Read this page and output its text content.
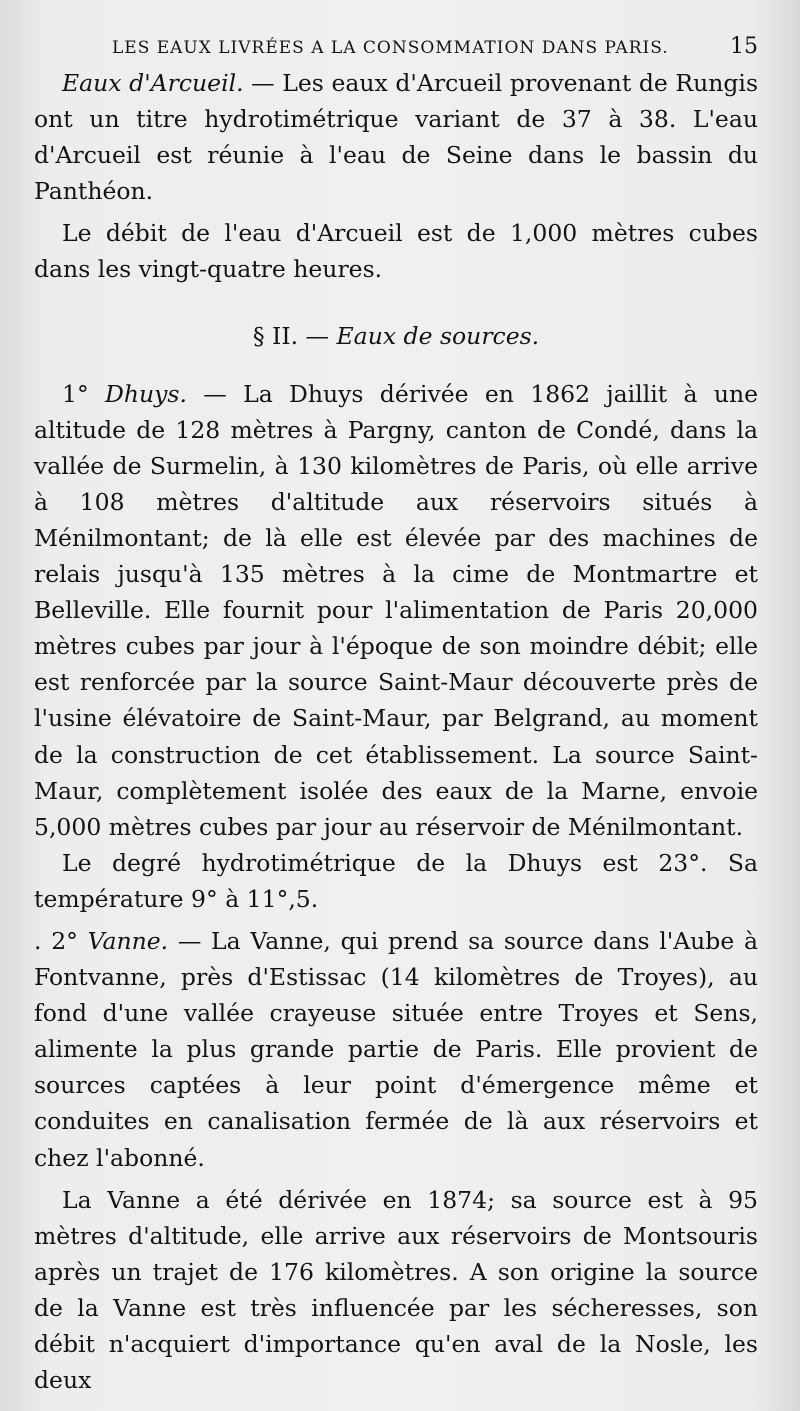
LES EAUX LIVRÉES A LA CONSOMMATION DANS PARIS.	15

Eaux d'Arcueil. — Les eaux d'Arcueil provenant de Rungis ont un titre hydrotimétrique variant de 37 à 38. L'eau d'Arcueil est réunie à l'eau de Seine dans le bassin du Panthéon.

Le débit de l'eau d'Arcueil est de 1,000 mètres cubes dans les vingt-quatre heures.

§ II. — Eaux de sources.

1° Dhuys. — La Dhuys dérivée en 1862 jaillit à une altitude de 128 mètres à Pargny, canton de Condé, dans la vallée de Surmelin, à 130 kilomètres de Paris, où elle arrive à 108 mètres d'altitude aux réservoirs situés à Ménilmontant; de là elle est élevée par des machines de relais jusqu'à 135 mètres à la cime de Montmartre et Belleville. Elle fournit pour l'alimentation de Paris 20,000 mètres cubes par jour à l'époque de son moindre débit; elle est renforcée par la source Saint-Maur découverte près de l'usine élévatoire de Saint-Maur, par Belgrand, au moment de la construction de cet établissement. La source Saint-Maur, complètement isolée des eaux de la Marne, envoie 5,000 mètres cubes par jour au réservoir de Ménilmontant.

Le degré hydrotimétrique de la Dhuys est 23°. Sa température 9° à 11°,5.

. 2° Vanne. — La Vanne, qui prend sa source dans l'Aube à Fontvanne, près d'Estissac (14 kilomètres de Troyes), au fond d'une vallée crayeuse située entre Troyes et Sens, alimente la plus grande partie de Paris. Elle provient de sources captées à leur point d'émergence même et conduites en canalisation fermée de là aux réservoirs et chez l'abonné.

La Vanne a été dérivée en 1874; sa source est à 95 mètres d'altitude, elle arrive aux réservoirs de Montsouris après un trajet de 176 kilomètres. A son origine la source de la Vanne est très influencée par les sécheresses, son débit n'acquiert d'importance qu'en aval de la Nosle, les deux
